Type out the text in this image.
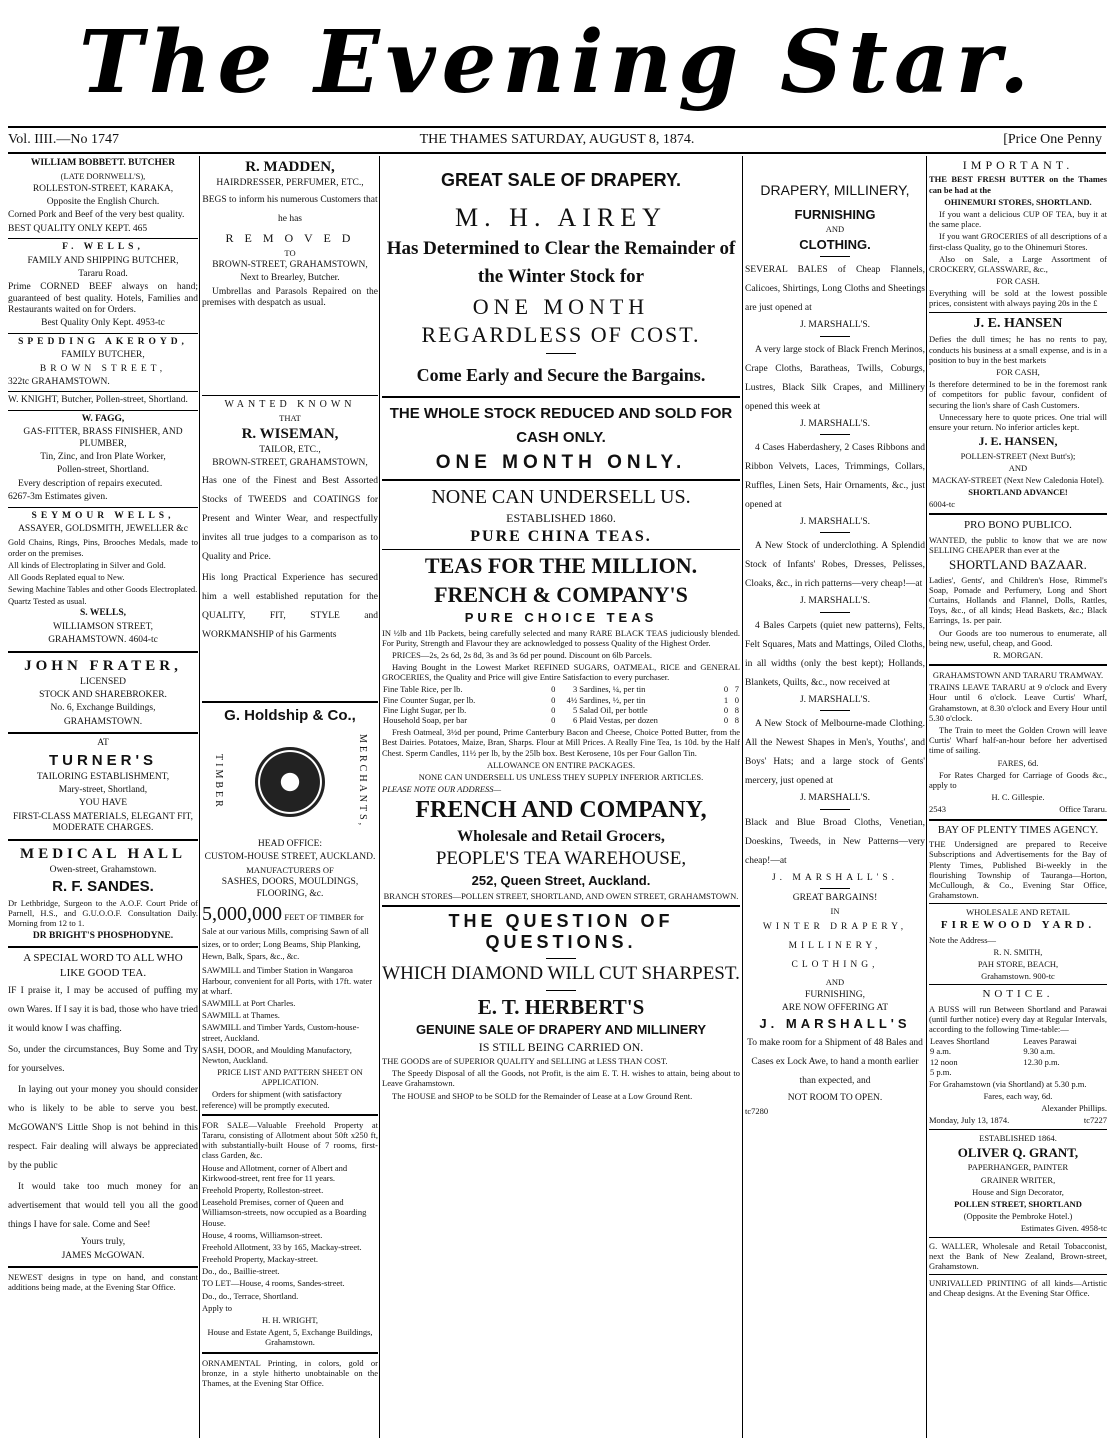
The Evening Star.
Vol. IIII.—No 1747	THE THAMES SATURDAY, AUGUST 8, 1874.	[Price One Penny

WILLIAM BOBBETT. BUTCHER

(LATE DORNWELL'S),

ROLLESTON-STREET, KARAKA,

Opposite the English Church.

Corned Pork and Beef of the very best quality.

BEST QUALITY ONLY KEPT. 465

F. WELLS,

FAMILY AND SHIPPING BUTCHER,

Tararu Road.

Prime CORNED BEEF always on hand; guaranteed of best quality. Hotels, Families and Restaurants waited on for Orders.

Best Quality Only Kept. 4953-tc

SPEDDING AKEROYD,

FAMILY BUTCHER,

BROWN STREET,

322tc GRAHAMSTOWN.

W. KNIGHT, Butcher, Pollen-street, Shortland.

W. FAGG,

GAS-FITTER, BRASS FINISHER, AND PLUMBER,

Tin, Zinc, and Iron Plate Worker,

Pollen-street, Shortland.

Every description of repairs executed.

6267-3m Estimates given.

SEYMOUR WELLS,

ASSAYER, GOLDSMITH, JEWELLER &c

Gold Chains, Rings, Pins, Brooches Medals, made to order on the premises.

All kinds of Electroplating in Silver and Gold.

All Goods Replated equal to New.

Sewing Machine Tables and other Goods Electroplated.

Quartz Tested as usual.

S. WELLS,

WILLIAMSON STREET,

GRAHAMSTOWN. 4604-tc

JOHN FRATER,

LICENSED

STOCK AND SHAREBROKER.

No. 6, Exchange Buildings,

GRAHAMSTOWN.

AT

TURNER'S

TAILORING ESTABLISHMENT,

Mary-street, Shortland,

YOU HAVE

FIRST-CLASS MATERIALS, ELEGANT FIT, MODERATE CHARGES.

MEDICAL HALL

Owen-street, Grahamstown.

R. F. SANDES.

Dr Lethbridge, Surgeon to the A.O.F. Court Pride of Parnell, H.S., and G.U.O.O.F. Consultation Daily. Morning from 12 to 1.

DR BRIGHT'S PHOSPHODYNE.

A SPECIAL WORD TO ALL WHO

LIKE GOOD TEA.

IF I praise it, I may be accused of puffing my own Wares. If I say it is bad, those who have tried it would know I was chaffing.

So, under the circumstances, Buy Some and Try for yourselves.

In laying out your money you should consider who is likely to be able to serve you best. McGOWAN'S Little Shop is not behind in this respect. Fair dealing will always be appreciated by the public

It would take too much money for an advertisement that would tell you all the good things I have for sale. Come and See!

Yours truly,

JAMES McGOWAN.

NEWEST designs in type on hand, and constant additions being made, at the Evening Star Office.

R. MADDEN,

HAIRDRESSER, PERFUMER, ETC.,

BEGS to inform his numerous Customers that he has

R E M O V E D

TO

BROWN-STREET, GRAHAMSTOWN,

Next to Brearley, Butcher.

Umbrellas and Parasols Repaired on the premises with despatch as usual.

WANTED KNOWN

THAT

R. WISEMAN,

TAILOR, ETC.,

BROWN-STREET, GRAHAMSTOWN,

Has one of the Finest and Best Assorted Stocks of TWEEDS and COATINGS for Present and Winter Wear, and respectfully invites all true judges to a comparison as to Quality and Price.

His long Practical Experience has secured him a well established reputation for the QUALITY, FIT, STYLE and WORKMANSHIP of his Garments

G. Holdship & Co.,

TIMBER	MERCHANTS,

HEAD OFFICE:

CUSTOM-HOUSE STREET, AUCKLAND.

MANUFACTURERS OF

SASHES, DOORS, MOULDINGS, FLOORING, &c.

5,000,000 FEET OF TIMBER for Sale at our various Mills, comprising Sawn of all sizes, or to order; Long Beams, Ship Planking, Hewn, Balk, Spars, &c., &c.

SAWMILL and Timber Station in Wangaroa Harbour, convenient for all Ports, with 17ft. water at wharf.

SAWMILL at Port Charles.

SAWMILL at Thames.

SAWMILL and Timber Yards, Custom-house-street, Auckland.

SASH, DOOR, and Moulding Manufactory, Newton, Auckland.

PRICE LIST AND PATTERN SHEET ON APPLICATION.

Orders for shipment (with satisfactory reference) will be promptly executed.

FOR SALE—Valuable Freehold Property at Tararu, consisting of Allotment about 50ft x250 ft, with substantially-built House of 7 rooms, first-class Garden, &c.

House and Allotment, corner of Albert and Kirkwood-street, rent free for 11 years.

Freehold Property, Rolleston-street.

Leasehold Premises, corner of Queen and Williamson-streets, now occupied as a Boarding House.

House, 4 rooms, Williamson-street.

Freehold Allotment, 33 by 165, Mackay-street.

Freehold Property, Mackay-street.

Do., do., Baillie-street.

TO LET—House, 4 rooms, Sandes-street.

Do., do., Terrace, Shortland.

Apply to

H. H. WRIGHT,

House and Estate Agent, 5, Exchange Buildings, Grahamstown.

ORNAMENTAL Printing, in colors, gold or bronze, in a style hitherto unobtainable on the Thames, at the Evening Star Office.

GREAT SALE OF DRAPERY.

M. H. AIREY

Has Determined to Clear the Remainder of the Winter Stock for

ONE MONTH

REGARDLESS OF COST.

Come Early and Secure the Bargains.

THE WHOLE STOCK REDUCED AND SOLD FOR CASH ONLY.

ONE MONTH ONLY.

NONE CAN UNDERSELL US.

ESTABLISHED 1860.

PURE CHINA TEAS.

TEAS FOR THE MILLION.

FRENCH & COMPANY'S

PURE CHOICE TEAS

IN ½lb and 1lb Packets, being carefully selected and many RARE BLACK TEAS judiciously blended. For Purity, Strength and Flavour they are acknowledged to possess Quality of the Highest Order.

PRICES—2s, 2s 6d, 2s 8d, 3s and 3s 6d per pound. Discount on 6lb Parcels.

Having Bought in the Lowest Market REFINED SUGARS, OATMEAL, RICE and GENERAL GROCERIES, the Quality and Price will give Entire Satisfaction to every purchaser.

Fine Table Rice, per lb.	0	3	Sardines, ¼, per tin	0	7
Fine Counter Sugar, per lb.	0	4½	Sardines, ½, per tin	1	0
Fine Light Sugar, per lb.	0	5	Salad Oil, per bottle	0	8
Household Soap, per bar	0	6	Plaid Vestas, per dozen	0	8

Fresh Oatmeal, 3½d per pound, Prime Canterbury Bacon and Cheese, Choice Potted Butter, from the Best Dairies. Potatoes, Maize, Bran, Sharps. Flour at Mill Prices. A Really Fine Tea, 1s 10d. by the Half Chest. Sperm Candles, 11½ per lb, by the 25lb box. Best Kerosene, 10s per Four Gallon Tin.

ALLOWANCE ON ENTIRE PACKAGES.

NONE CAN UNDERSELL US UNLESS THEY SUPPLY INFERIOR ARTICLES.

PLEASE NOTE OUR ADDRESS—

FRENCH AND COMPANY,

Wholesale and Retail Grocers,

PEOPLE'S TEA WAREHOUSE,

252, Queen Street, Auckland.

BRANCH STORES—POLLEN STREET, SHORTLAND, AND OWEN STREET, GRAHAMSTOWN.

THE QUESTION OF QUESTIONS.

WHICH DIAMOND WILL CUT SHARPEST.

E. T. HERBERT'S

GENUINE SALE OF DRAPERY AND MILLINERY

IS STILL BEING CARRIED ON.

THE GOODS are of SUPERIOR QUALITY and SELLING at LESS THAN COST.

The Speedy Disposal of all the Goods, not Profit, is the aim E. T. H. wishes to attain, being about to Leave Grahamstown.

The HOUSE and SHOP to be SOLD for the Remainder of Lease at a Low Ground Rent.

DRAPERY, MILLINERY,

FURNISHING

AND

CLOTHING.

SEVERAL BALES of Cheap Flannels, Calicoes, Shirtings, Long Cloths and Sheetings are just opened at

J. MARSHALL'S.

A very large stock of Black French Merinos, Crape Cloths, Baratheas, Twills, Coburgs, Lustres, Black Silk Crapes, and Millinery opened this week at

J. MARSHALL'S.

4 Cases Haberdashery, 2 Cases Ribbons and Ribbon Velvets, Laces, Trimmings, Collars, Ruffles, Linen Sets, Hair Ornaments, &c., just opened at

J. MARSHALL'S.

A New Stock of underclothing. A Splendid Stock of Infants' Robes, Dresses, Pelisses, Cloaks, &c., in rich patterns—very cheap!—at

J. MARSHALL'S.

4 Bales Carpets (quiet new patterns), Felts, Felt Squares, Mats and Mattings, Oiled Cloths, in all widths (only the best kept); Hollands, Blankets, Quilts, &c., now received at

J. MARSHALL'S.

A New Stock of Melbourne-made Clothing. All the Newest Shapes in Men's, Youths', and Boys' Hats; and a large stock of Gents' mercery, just opened at

J. MARSHALL'S.

Black and Blue Broad Cloths, Venetian, Doeskins, Tweeds, in New Patterns—very cheap!—at

J. MARSHALL'S.

GREAT BARGAINS!

IN

WINTER DRAPERY, MILLINERY, CLOTHING,

AND

FURNISHING,

ARE NOW OFFERING AT

J. MARSHALL'S

To make room for a Shipment of 48 Bales and Cases ex Lock Awe, to hand a month earlier than expected, and

NOT ROOM TO OPEN.

tc7280

IMPORTANT.

THE BEST FRESH BUTTER on the Thames can be had at the

OHINEMURI STORES, SHORTLAND.

If you want a delicious CUP OF TEA, buy it at the same place.

If you want GROCERIES of all descriptions of a first-class Quality, go to the Ohinemuri Stores.

Also on Sale, a Large Assortment of CROCKERY, GLASSWARE, &c.,

FOR CASH.

Everything will be sold at the lowest possible prices, consistent with always paying 20s in the £

J. E. HANSEN

Defies the dull times; he has no rents to pay, conducts his business at a small expense, and is in a position to buy in the best markets

FOR CASH,

Is therefore determined to be in the foremost rank of competitors for public favour, confident of securing the lion's share of Cash Customers.

Unnecessary here to quote prices. One trial will ensure your return. No inferior articles kept.

J. E. HANSEN,

POLLEN-STREET (Next Butt's);

AND

MACKAY-STREET (Next New Caledonia Hotel).

SHORTLAND ADVANCE!

6004-tc

PRO BONO PUBLICO.

WANTED, the public to know that we are now SELLING CHEAPER than ever at the

SHORTLAND BAZAAR.

Ladies', Gents', and Children's Hose, Rimmel's Soap, Pomade and Perfumery, Long and Short Curtains, Hollands and Flannel, Dolls, Rattles, Toys, &c., of all kinds; Head Baskets, &c.; Black Earrings, 1s. per pair.

Our Goods are too numerous to enumerate, all being new, useful, cheap, and Good.

R. MORGAN.

GRAHAMSTOWN AND TARARU TRAMWAY.

TRAINS LEAVE TARARU at 9 o'clock and Every Hour until 6 o'clock. Leave Curtis' Wharf, Grahamstown, at 8.30 o'clock and Every Hour until 5.30 o'clock.

The Train to meet the Golden Crown will leave Curtis' Wharf half-an-hour before her advertised time of sailing.

FARES, 6d.

For Rates Charged for Carriage of Goods &c., apply to

H. C. Gillespie.

2543	Office Tararu.

BAY OF PLENTY TIMES AGENCY.

THE Undersigned are prepared to Receive Subscriptions and Advertisements for the Bay of Plenty Times, Published Bi-weekly in the flourishing Township of Tauranga—Horton, McCullough, & Co., Evening Star Office, Grahamstown.

WHOLESALE AND RETAIL

FIREWOOD YARD.

Note the Address—

R. N. SMITH,

PAH STORE, BEACH,

Grahamstown. 900-tc

NOTICE.

A BUSS will run Between Shortland and Parawai (until further notice) every day at Regular Intervals, according to the following Time-table:—

Leaves Shortland	Leaves Parawai
9 a.m.	9.30 a.m.
12 noon	12.30 p.m.
5 p.m.	

For Grahamstown (via Shortland) at 5.30 p.m.

Fares, each way, 6d.

Alexander Phillips.

Monday, July 13, 1874.	tc7227

ESTABLISHED 1864.

OLIVER Q. GRANT,

PAPERHANGER, PAINTER

GRAINER WRITER,

House and Sign Decorator,

POLLEN STREET, SHORTLAND

(Opposite the Pembroke Hotel.)

Estimates Given. 4958-tc

G. WALLER, Wholesale and Retail Tobacconist, next the Bank of New Zealand, Brown-street, Grahamstown.

UNRIVALLED PRINTING of all kinds—Artistic and Cheap designs. At the Evening Star Office.
